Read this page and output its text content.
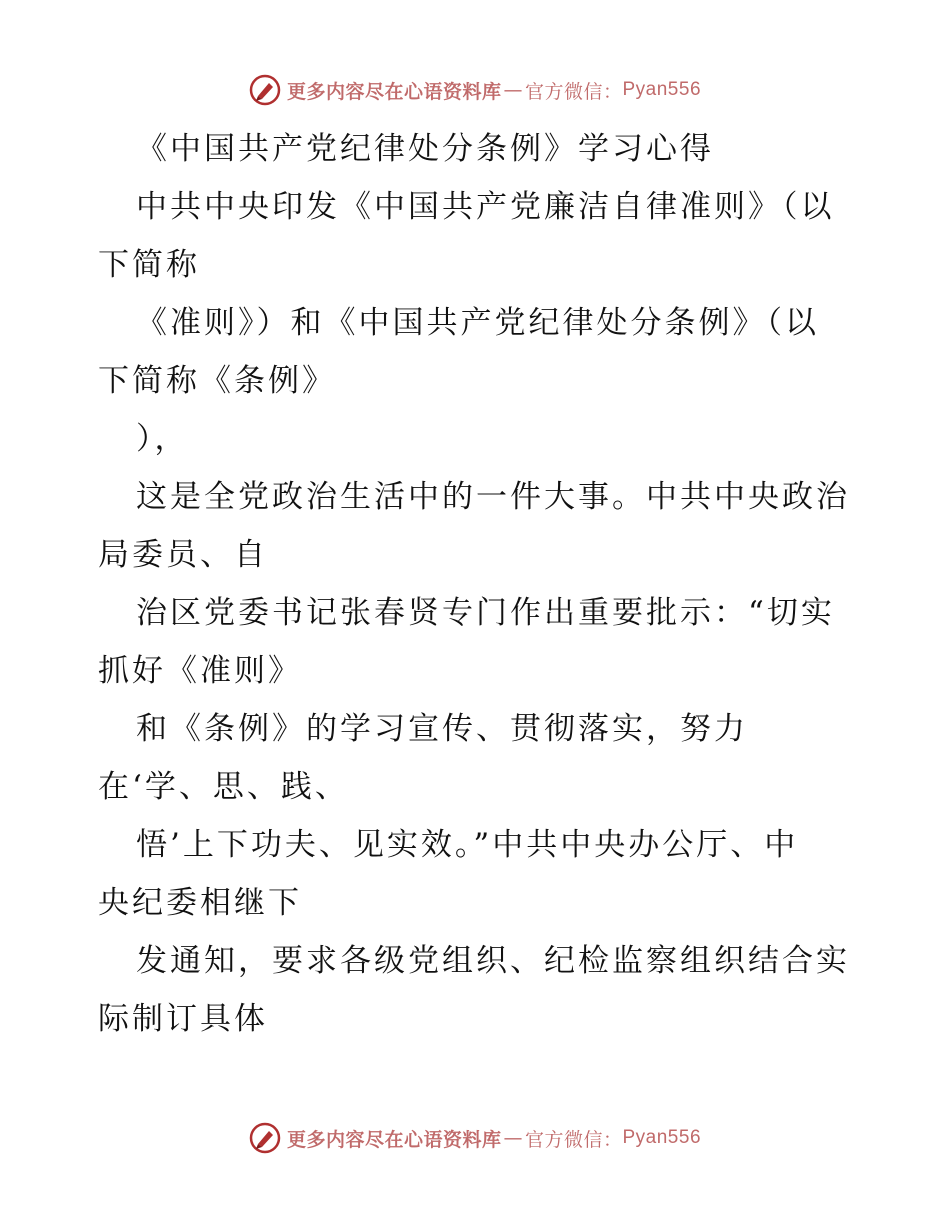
更多内容尽在心语资料库 — 官方微信： Pyan556
《中国共产党纪律处分条例》学习心得
中共中央印发《中国共产党廉洁自律准则》（以
下简称
《准则》）和《中国共产党纪律处分条例》（以
下简称《条例》
），
这是全党政治生活中的一件大事。中共中央政治
局委员、自
治区党委书记张春贤专门作出重要批示：“切实
抓好《准则》
和《条例》的学习宣传、贯彻落实，努力
在‘学、思、践、
悟’上下功夫、见实效。”中共中央办公厅、中
央纪委相继下
发通知，要求各级党组织、纪检监察组织结合实
际制订具体
更多内容尽在心语资料库 — 官方微信： Pyan556
